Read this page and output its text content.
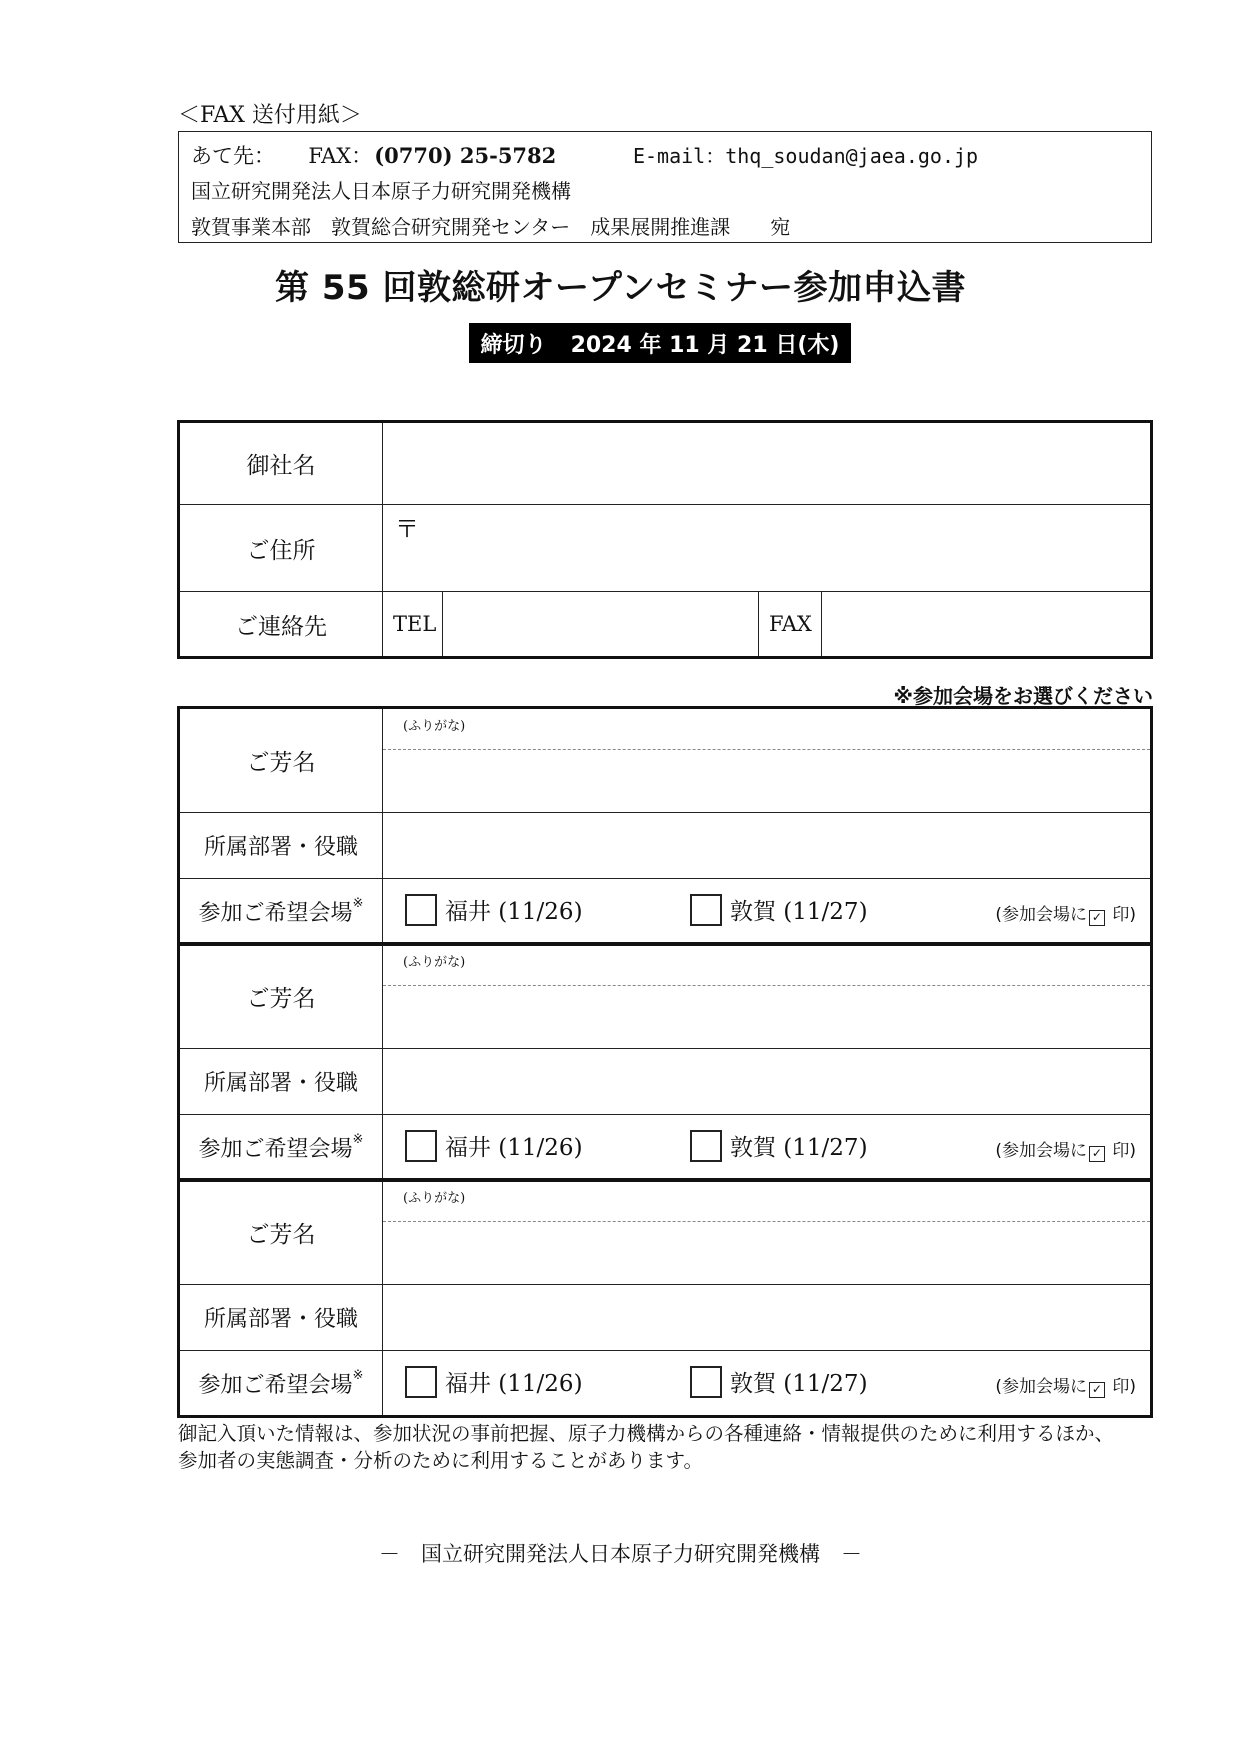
＜FAX 送付用紙＞
あて先： FAX：(0770) 25-5782	E-mail：thq_soudan@jaea.go.jp
国立研究開発法人日本原子力研究開発機構
敦賀事業本部 敦賀総合研究開発センター 成果展開推進課 宛
第 55 回敦総研オープンセミナー参加申込書
締切り 2024 年 11 月 21 日(木)
御社名				
ご住所	〒			
ご連絡先	TEL		FAX	
※参加会場をお選びください
ご芳名	(ふりがな)

所属部署・役職	
参加ご希望会場※	福井 (11/26) 敦賀 (11/27) (参加会場に ✓ 印)
ご芳名	(ふりがな)

所属部署・役職	
参加ご希望会場※	福井 (11/26) 敦賀 (11/27) (参加会場に ✓ 印)
ご芳名	(ふりがな)

所属部署・役職	
参加ご希望会場※	福井 (11/26) 敦賀 (11/27) (参加会場に ✓ 印)
御記入頂いた情報は、参加状況の事前把握、原子力機構からの各種連絡・情報提供のために利用するほか、
参加者の実態調査・分析のために利用することがあります。
－　国立研究開発法人日本原子力研究開発機構　－
